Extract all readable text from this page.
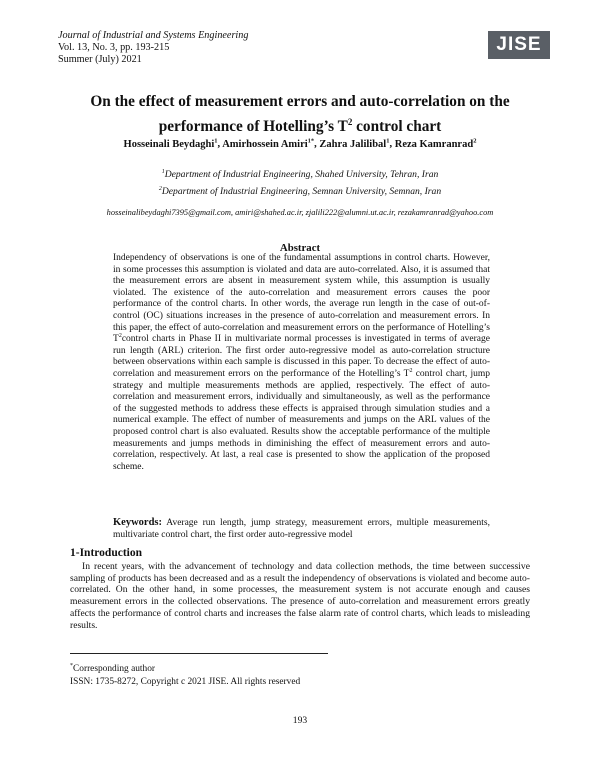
Journal of Industrial and Systems Engineering
Vol. 13, No. 3, pp. 193-215
Summer (July) 2021
JISE
On the effect of measurement errors and auto-correlation on the
performance of Hotelling’s $T^2$ control chart
Hosseinali Beydaghi$^1$, Amirhossein Amiri$^{1*}$, Zahra Jalilibal$^1$, Reza Kamranrad$^2$
$^1$Department of Industrial Engineering, Shahed University, Tehran, Iran
$^2$Department of Industrial Engineering, Semnan University, Semnan, Iran
hosseinalibeydaghi7395@gmail.com, amiri@shahed.ac.ir, zjalili222@alumni.ut.ac.ir, rezakamranrad@yahoo.com
Abstract
Independency of observations is one of the fundamental assumptions in control charts. However, in some processes this assumption is violated and data are auto-correlated. Also, it is assumed that the measurement errors are absent in measurement system while, this assumption is usually violated. The existence of the auto-correlation and measurement errors causes the poor performance of the control charts. In other words, the average run length in the case of out-of-control (OC) situations increases in the presence of auto-correlation and measurement errors. In this paper, the effect of auto-correlation and measurement errors on the performance of Hotelling’s $T^2control$ charts in Phase II in multivariate normal processes is investigated in terms of average run length (ARL) criterion. The first order auto-regressive model as auto-correlation structure between observations within each sample is discussed in this paper. To decrease the effect of auto-correlation and measurement errors on the performance of the Hotelling’s $T^2$ control chart, jump strategy and multiple measurements methods are applied, respectively. The effect of auto-correlation and measurement errors, individually and simultaneously, as well as the performance of the suggested methods to address these effects is appraised through simulation studies and a numerical example. The effect of number of measurements and jumps on the ARL values of the proposed control chart is also evaluated. Results show the acceptable performance of the multiple measurements and jumps methods in diminishing the effect of measurement errors and auto-correlation, respectively. At last, a real case is presented to show the application of the proposed scheme.
Keywords: Average run length, jump strategy, measurement errors, multiple measurements, multivariate control chart, the first order auto-regressive model
1-Introduction
In recent years, with the advancement of technology and data collection methods, the time between successive sampling of products has been decreased and as a result the independency of observations is violated and become auto-correlated. On the other hand, in some processes, the measurement system is not accurate enough and causes measurement errors in the collected observations. The presence of auto-correlation and measurement errors greatly affects the performance of control charts and increases the false alarm rate of control charts, which leads to misleading results.
*Corresponding author
ISSN: 1735-8272, Copyright c 2021 JISE. All rights reserved
193
